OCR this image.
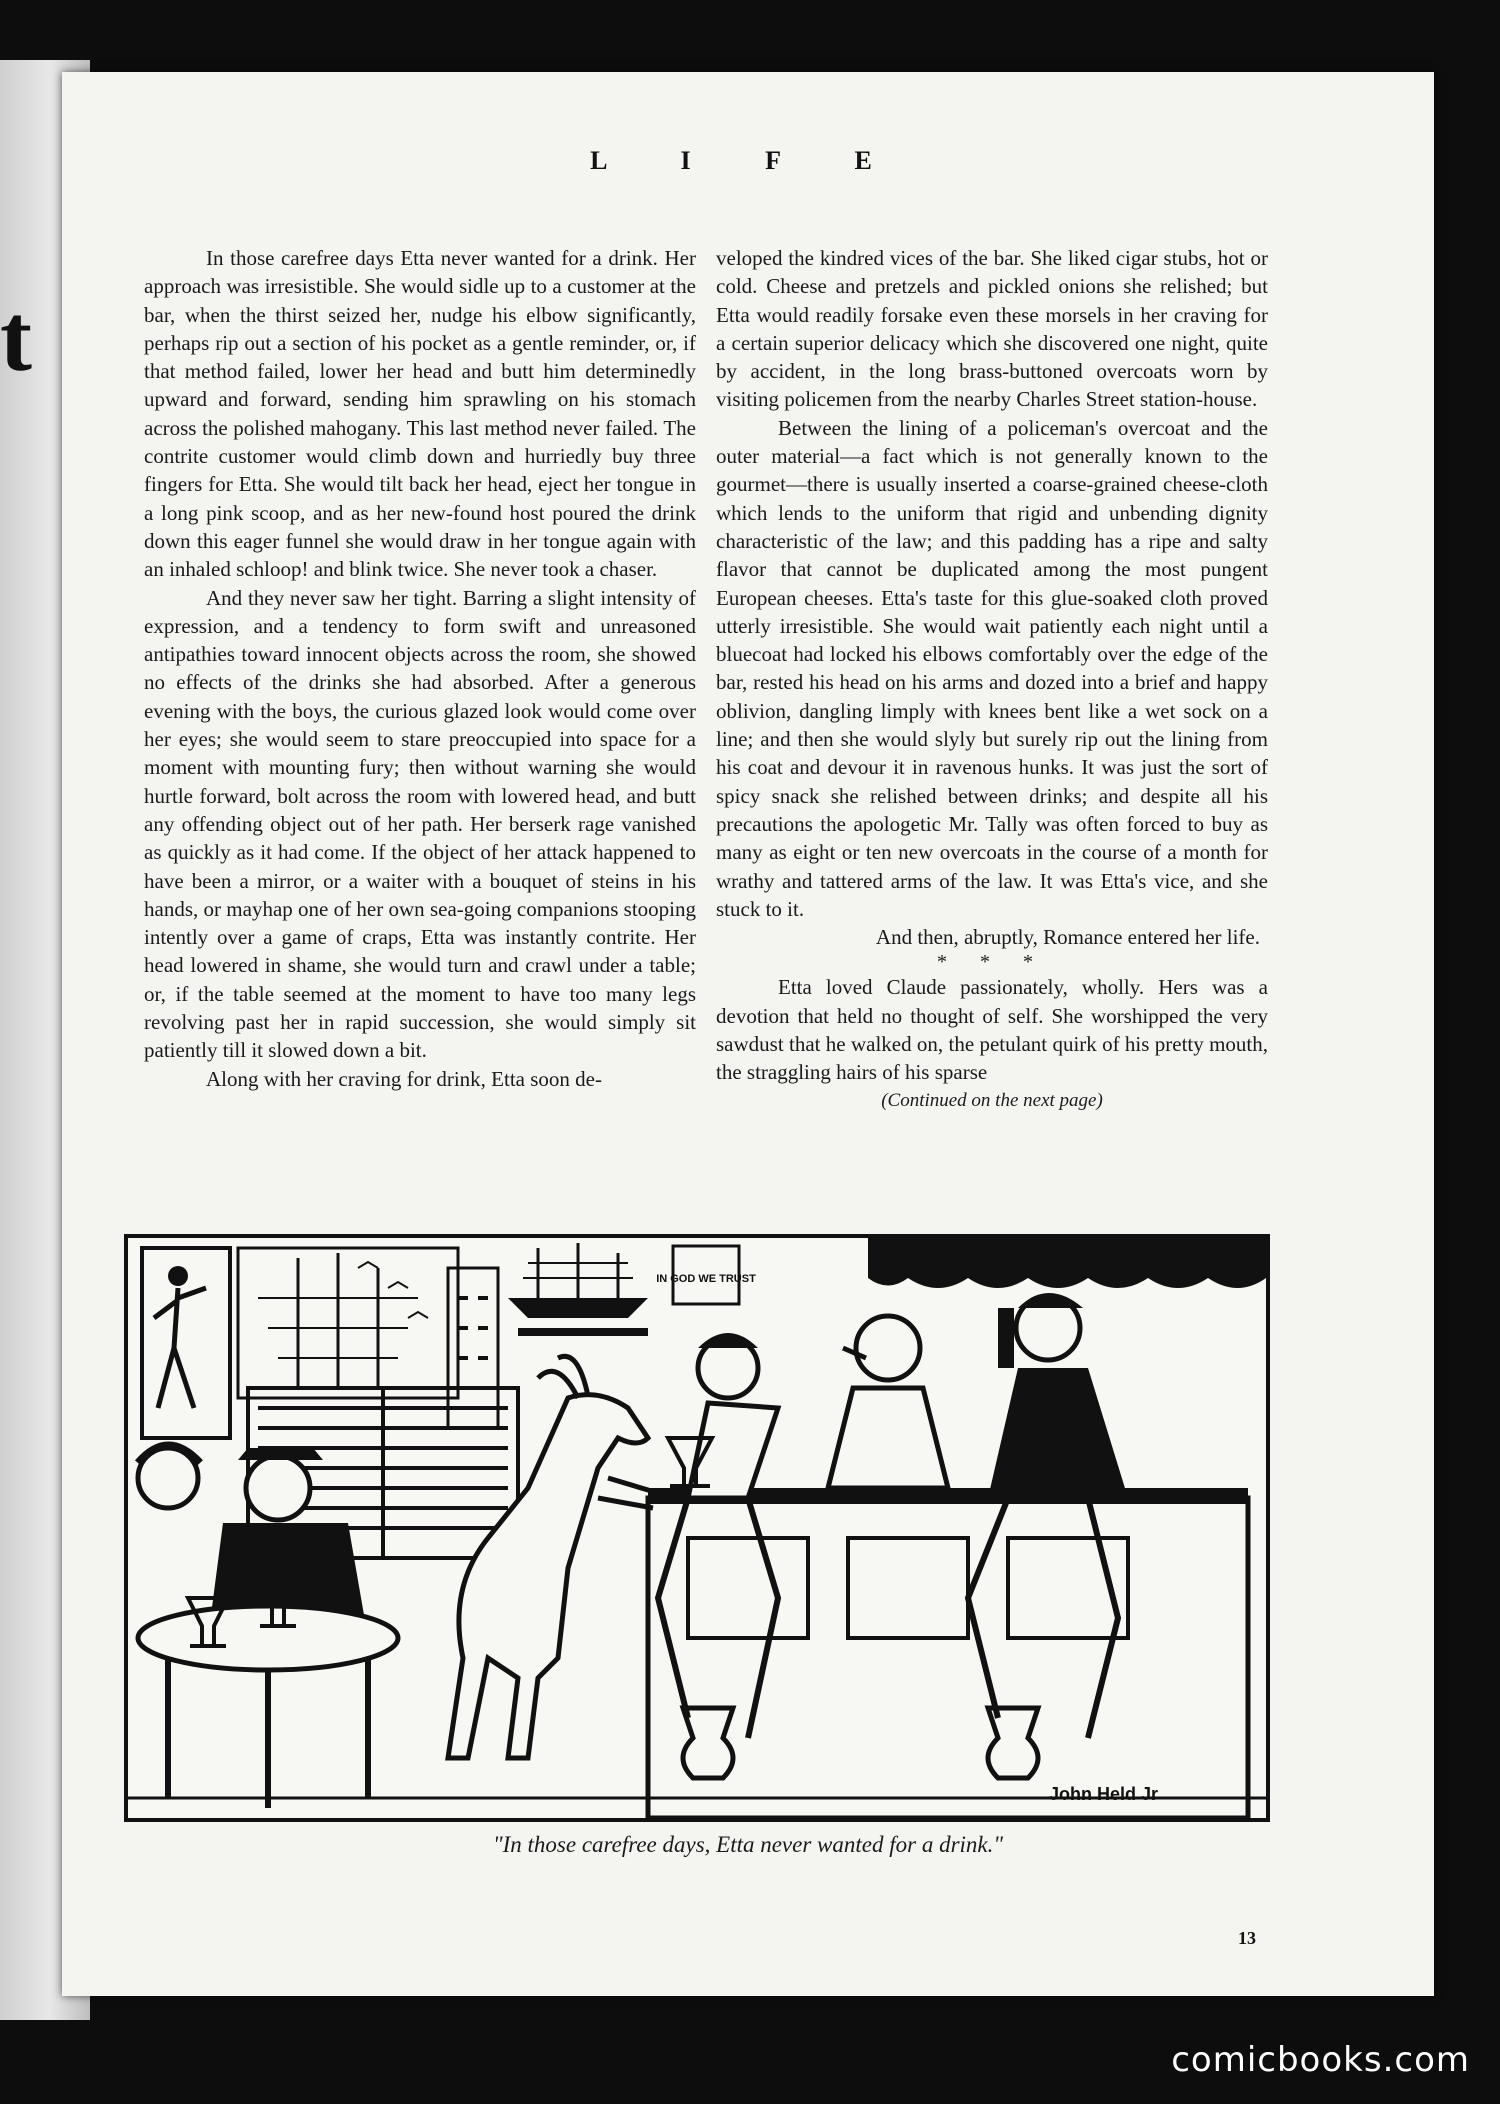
t
L I F E

In those carefree days Etta never wanted for a drink. Her approach was irresistible. She would sidle up to a customer at the bar, when the thirst seized her, nudge his elbow significantly, perhaps rip out a section of his pocket as a gentle reminder, or, if that method failed, lower her head and butt him determinedly upward and forward, sending him sprawling on his stomach across the polished mahogany. This last method never failed. The contrite customer would climb down and hurriedly buy three fingers for Etta. She would tilt back her head, eject her tongue in a long pink scoop, and as her new-found host poured the drink down this eager funnel she would draw in her tongue again with an inhaled schloop! and blink twice. She never took a chaser.

And they never saw her tight. Barring a slight intensity of expression, and a tendency to form swift and unreasoned antipathies toward innocent objects across the room, she showed no effects of the drinks she had absorbed. After a generous evening with the boys, the curious glazed look would come over her eyes; she would seem to stare preoccupied into space for a moment with mounting fury; then without warning she would hurtle forward, bolt across the room with lowered head, and butt any offending object out of her path. Her berserk rage vanished as quickly as it had come. If the object of her attack happened to have been a mirror, or a waiter with a bouquet of steins in his hands, or mayhap one of her own sea-going companions stooping intently over a game of craps, Etta was instantly contrite. Her head lowered in shame, she would turn and crawl under a table; or, if the table seemed at the moment to have too many legs revolving past her in rapid succession, she would simply sit patiently till it slowed down a bit.

Along with her craving for drink, Etta soon de-

veloped the kindred vices of the bar. She liked cigar stubs, hot or cold. Cheese and pretzels and pickled onions she relished; but Etta would readily forsake even these morsels in her craving for a certain superior delicacy which she discovered one night, quite by accident, in the long brass-buttoned overcoats worn by visiting policemen from the nearby Charles Street station-house.

Between the lining of a policeman's overcoat and the outer material—a fact which is not generally known to the gourmet—there is usually inserted a coarse-grained cheese-cloth which lends to the uniform that rigid and unbending dignity characteristic of the law; and this padding has a ripe and salty flavor that cannot be duplicated among the most pungent European cheeses. Etta's taste for this glue-soaked cloth proved utterly irresistible. She would wait patiently each night until a bluecoat had locked his elbows comfortably over the edge of the bar, rested his head on his arms and dozed into a brief and happy oblivion, dangling limply with knees bent like a wet sock on a line; and then she would slyly but surely rip out the lining from his coat and devour it in ravenous hunks. It was just the sort of spicy snack she relished between drinks; and despite all his precautions the apologetic Mr. Tally was often forced to buy as many as eight or ten new overcoats in the course of a month for wrathy and tattered arms of the law. It was Etta's vice, and she stuck to it.

And then, abruptly, Romance entered her life.

* * *

Etta loved Claude passionately, wholly. Hers was a devotion that held no thought of self. She worshipped the very sawdust that he walked on, the petulant quirk of his pretty mouth, the straggling hairs of his sparse

(Continued on the next page)
IN GOD WE TRUST
John Held Jr
"In those carefree days, Etta never wanted for a drink."
13
comicbooks.com
